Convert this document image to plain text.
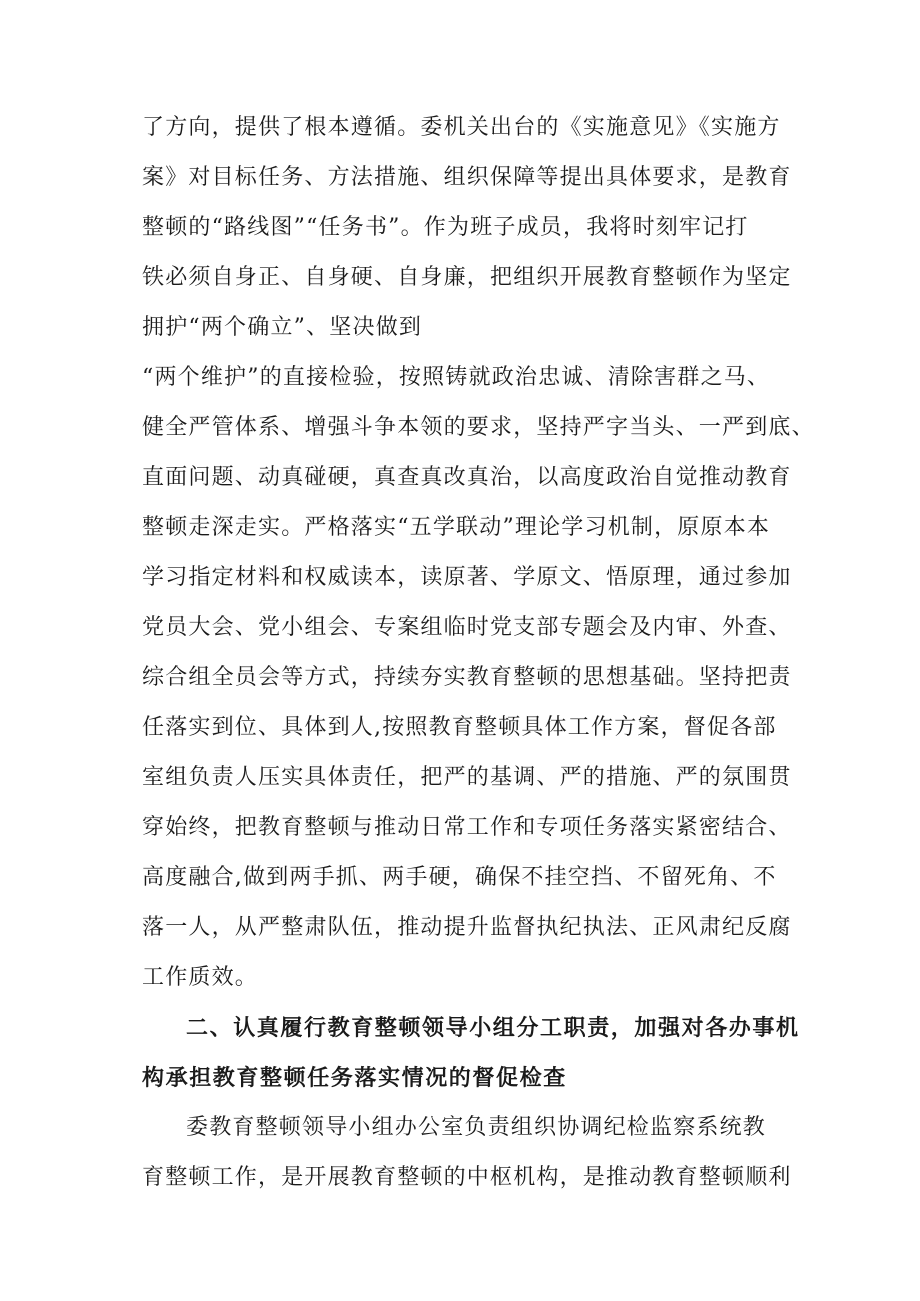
了方向，提供了根本遵循。委机关出台的《实施意见》《实施方
案》对目标任务、方法措施、组织保障等提出具体要求，是教育
整顿的“路线图”“任务书”。作为班子成员，我将时刻牢记打
铁必须自身正、自身硬、自身廉，把组织开展教育整顿作为坚定
拥护“两个确立”、坚决做到
“两个维护”的直接检验，按照铸就政治忠诚、清除害群之马、
健全严管体系、增强斗争本领的要求，坚持严字当头、一严到底、
直面问题、动真碰硬，真查真改真治，以高度政治自觉推动教育
整顿走深走实。严格落实“五学联动”理论学习机制，原原本本
学习指定材料和权威读本，读原著、学原文、悟原理，通过参加
党员大会、党小组会、专案组临时党支部专题会及内审、外查、
综合组全员会等方式，持续夯实教育整顿的思想基础。坚持把责
任落实到位、具体到人,按照教育整顿具体工作方案，督促各部
室组负责人压实具体责任，把严的基调、严的措施、严的氛围贯
穿始终，把教育整顿与推动日常工作和专项任务落实紧密结合、
高度融合,做到两手抓、两手硬，确保不挂空挡、不留死角、不
落一人，从严整肃队伍，推动提升监督执纪执法、正风肃纪反腐
工作质效。
二、认真履行教育整顿领导小组分工职责，加强对各办事机
构承担教育整顿任务落实情况的督促检查
委教育整顿领导小组办公室负责组织协调纪检监察系统教
育整顿工作，是开展教育整顿的中枢机构，是推动教育整顿顺利
